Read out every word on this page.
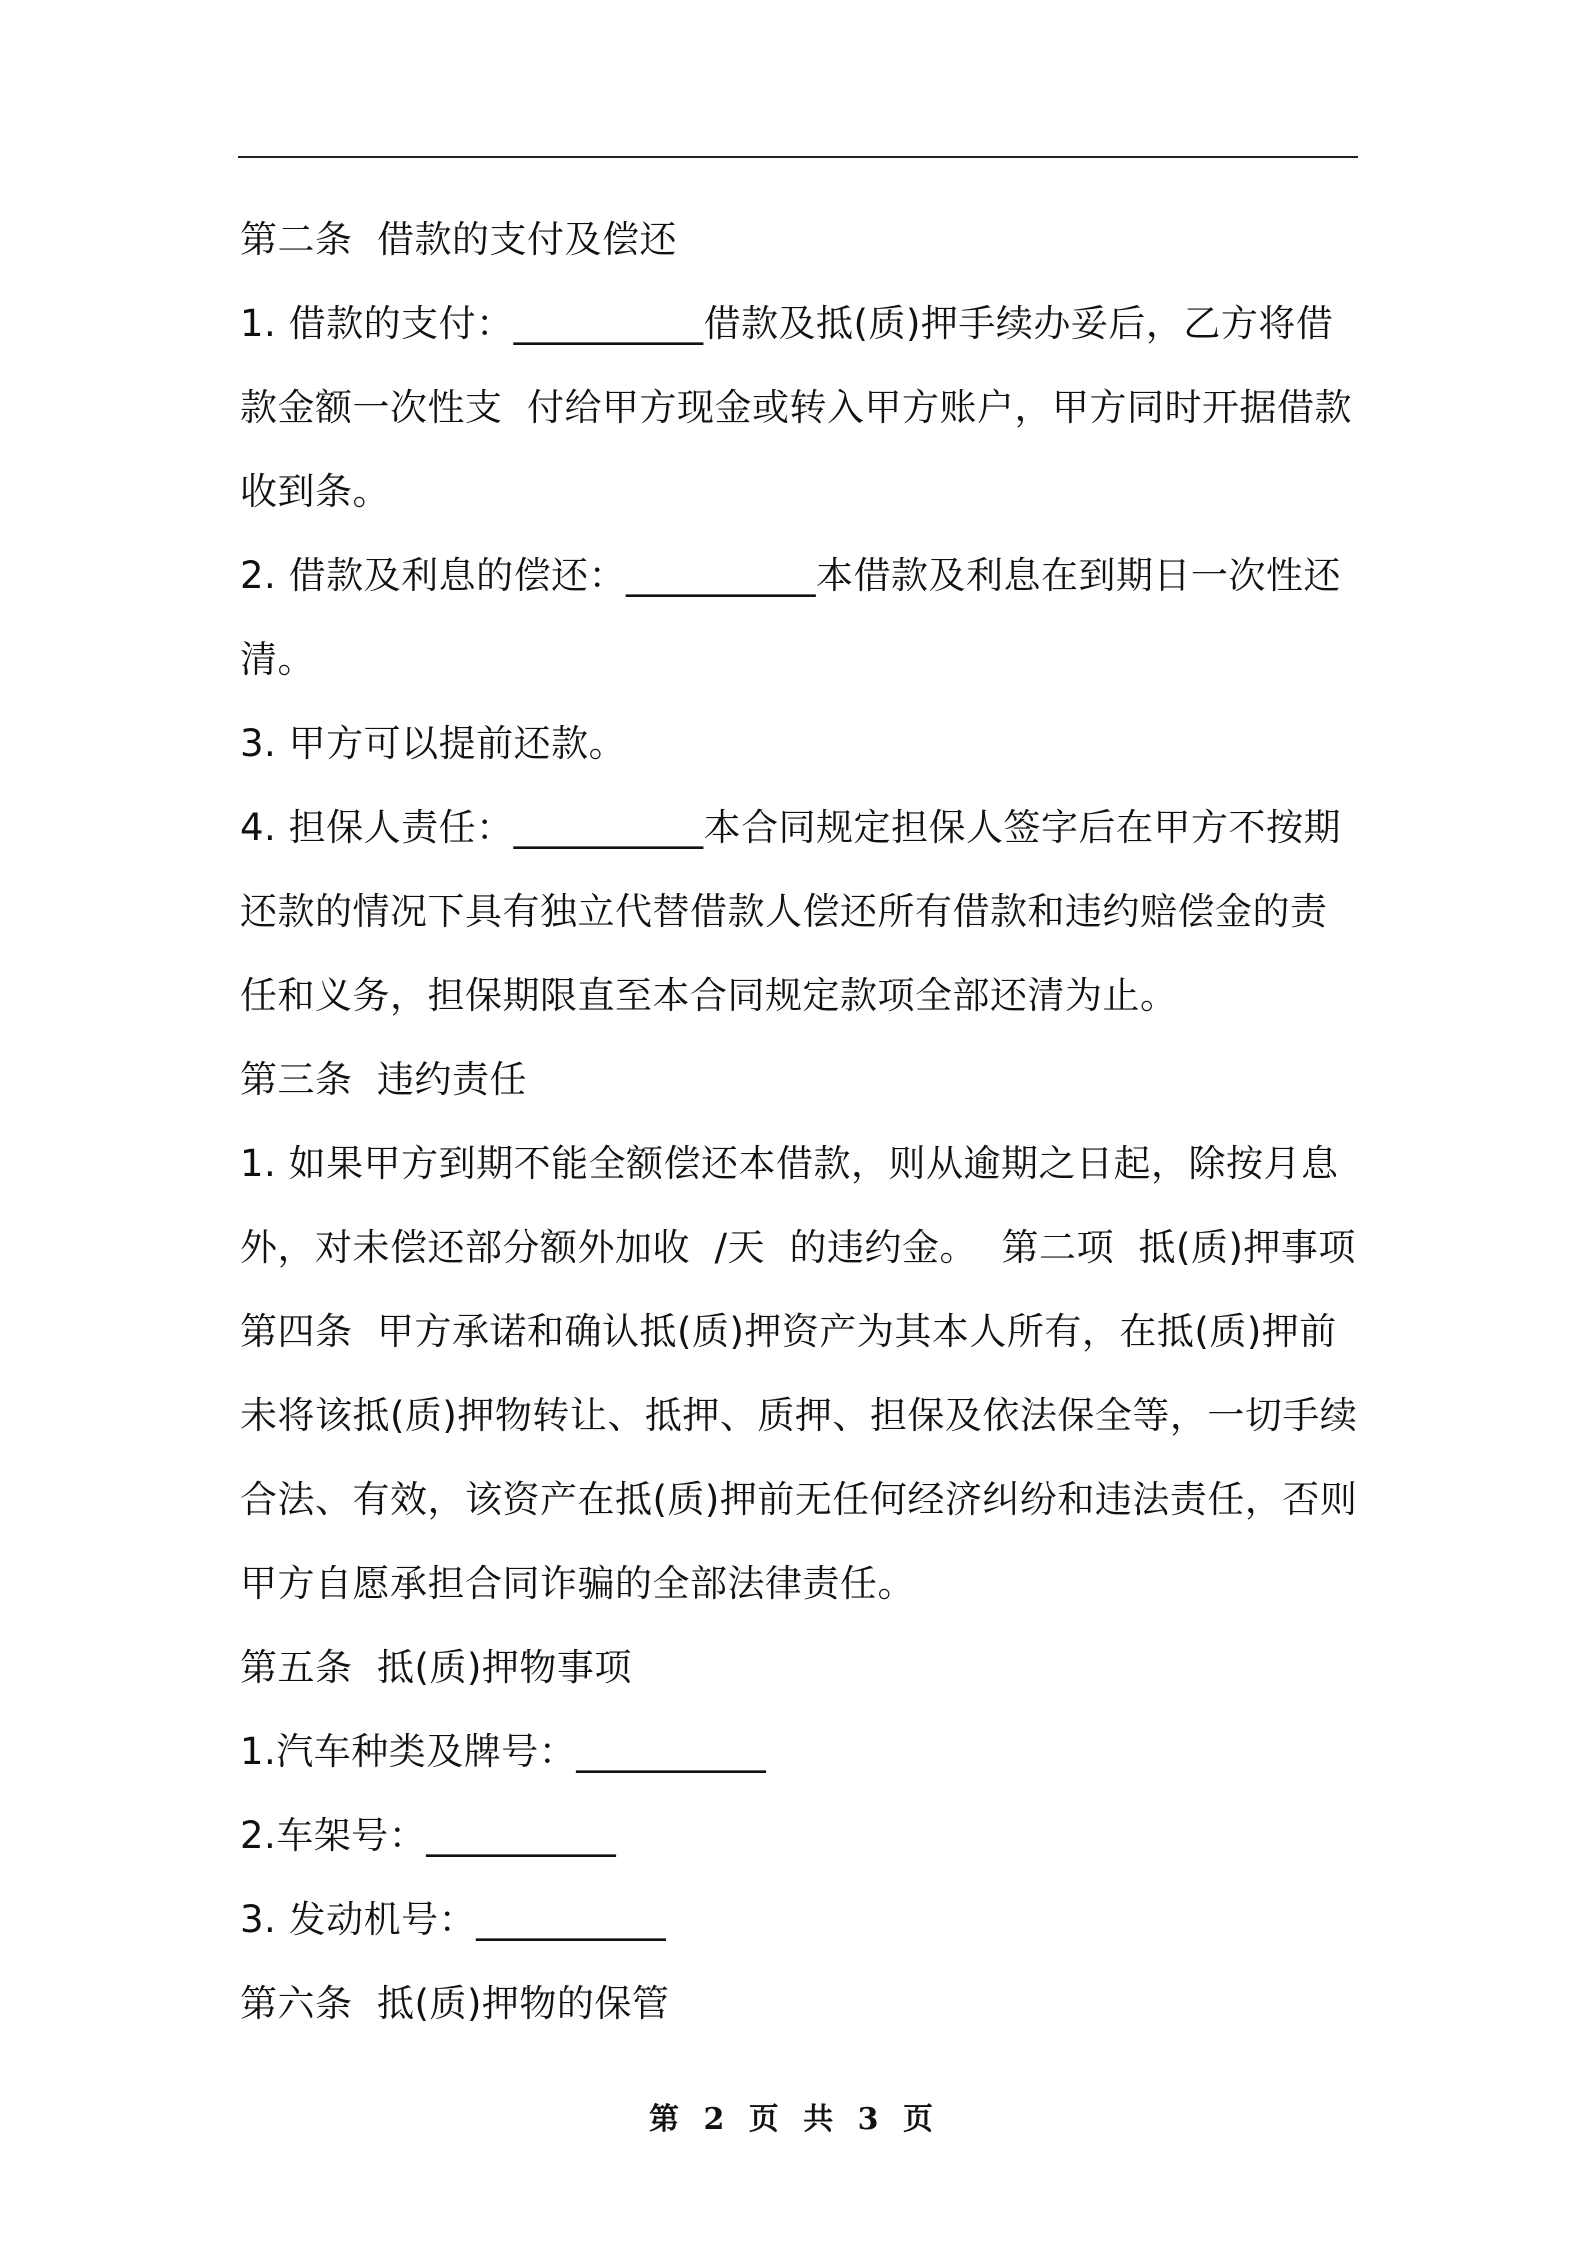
第二条  借款的支付及偿还

1. 借款的支付：__________借款及抵(质)押手续办妥后，乙方将借款金额一次性支  付给甲方现金或转入甲方账户，甲方同时开据借款收到条。

2. 借款及利息的偿还：__________本借款及利息在到期日一次性还清。

3. 甲方可以提前还款。

4. 担保人责任：__________本合同规定担保人签字后在甲方不按期还款的情况下具有独立代替借款人偿还所有借款和违约赔偿金的责任和义务，担保期限直至本合同规定款项全部还清为止。

第三条  违约责任

1. 如果甲方到期不能全额偿还本借款，则从逾期之日起，除按月息外，对未偿还部分额外加收  /天  的违约金。  第二项  抵(质)押事项

第四条  甲方承诺和确认抵(质)押资产为其本人所有，在抵(质)押前未将该抵(质)押物转让、抵押、质押、担保及依法保全等，一切手续合法、有效，该资产在抵(质)押前无任何经济纠纷和违法责任，否则甲方自愿承担合同诈骗的全部法律责任。

第五条  抵(质)押物事项

1.汽车种类及牌号：__________

2.车架号：__________

3. 发动机号：__________

第六条  抵(质)押物的保管

第 2 页 共 3 页
